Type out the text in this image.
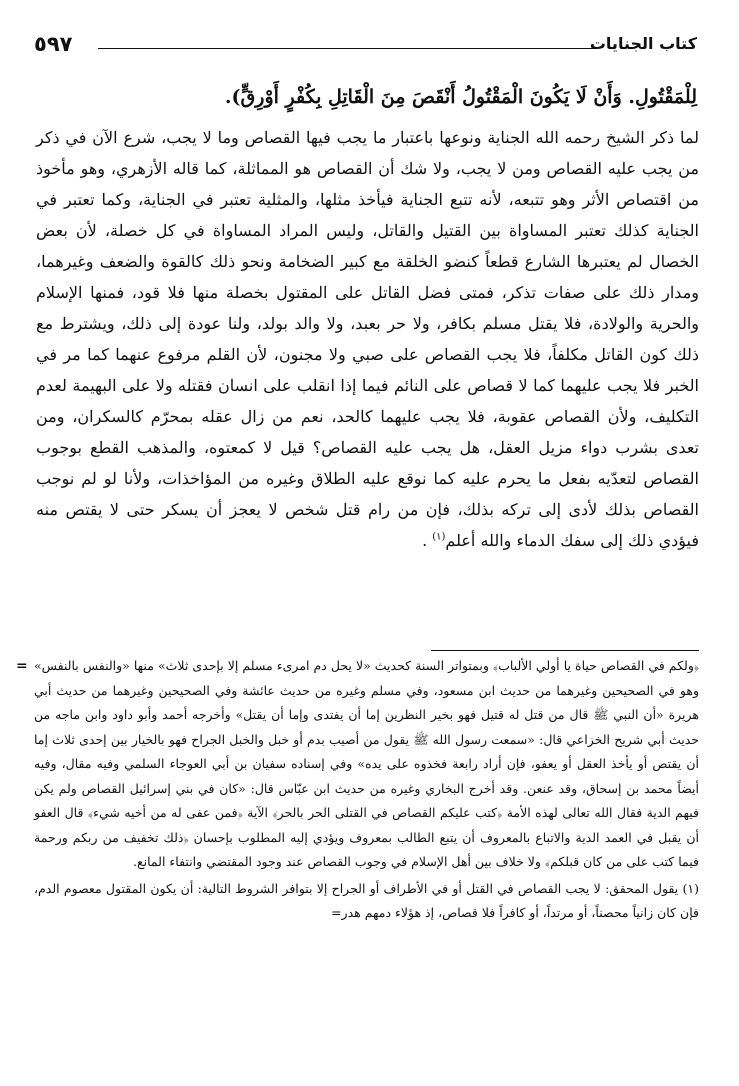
٥٩٧	كتاب الجنايات
لِلْمَقْتُولِ. وَأَنْ لَا يَكُونَ الْمَقْتُولُ أَنْقَصَ مِنَ الْقَاتِلِ بِكُفْرٍ أَوْرِقٍّ).
لما ذكر الشيخ رحمه الله الجناية ونوعها باعتبار ما يجب فيها القصاص وما لا يجب، شرع الآن في ذكر من يجب عليه القصاص ومن لا يجب، ولا شك أن القصاص هو المماثلة، كما قاله الأزهري، وهو مأخوذ من اقتصاص الأثر وهو تتبعه، لأنه تتبع الجناية فيأخذ مثلها، والمثلية تعتبر في الجناية، وكما تعتبر في الجناية كذلك تعتبر المساواة بين القتيل والقاتل، وليس المراد المساواة في كل خصلة، لأن بعض الخصال لم يعتبرها الشارع قطعاً كنضو الخلقة مع كبير الضخامة ونحو ذلك كالقوة والضعف وغيرهما، ومدار ذلك على صفات تذكر، فمتى فضل القاتل على المقتول بخصلة منها فلا قود، فمنها الإسلام والحرية والولادة، فلا يقتل مسلم بكافر، ولا حر بعبد، ولا والد بولد، ولنا عودة إلى ذلك، ويشترط مع ذلك كون القاتل مكلفاً، فلا يجب القصاص على صبي ولا مجنون، لأن القلم مرفوع عنهما كما مر في الخبر فلا يجب عليهما كما لا قصاص على النائم فيما إذا انقلب على انسان فقتله ولا على البهيمة لعدم التكليف، ولأن القصاص عقوبة، فلا يجب عليهما كالحد، نعم من زال عقله بمحرّم كالسكران، ومن تعدى بشرب دواء مزيل العقل، هل يجب عليه القصاص؟ قيل لا كمعتوه، والمذهب القطع بوجوب القصاص لتعدّيه بفعل ما يحرم عليه كما نوقع عليه الطلاق وغيره من المؤاخذات، ولأنا لو لم نوجب القصاص بذلك لأدى إلى تركه بذلك، فإن من رام قتل شخص لا يعجز أن يسكر حتى لا يقتص منه فيؤدي ذلك إلى سفك الدماء والله أعلم$^{(١)}$ .

= ﴿ولكم في القصاص حياة يا أولي الألباب﴾ وبمتواتر السنة كحديث «لا يحل دم امرىء مسلم إلا بإحدى ثلاث» منها «والنفس بالنفس» وهو في الصحيحين وغيرهما من حديث ابن مسعود، وفي مسلم وغيره من حديث عائشة وفي الصحيحين وغيرهما من حديث أبي هريرة «أن النبي ﷺ قال من قتل له قتيل فهو بخير النظرين إما أن يفتدى وإما أن يقتل» وأخرجه أحمد وأبو داود وابن ماجه من حديث أبي شريح الخزاعي قال: «سمعت رسول الله ﷺ يقول من أصيب بدم أو خبل والخبل الجراح فهو بالخيار بين إحدى ثلاث إما أن يقتص أو يأخذ العقل أو يعفو، فإن أراد رابعة فخذوه على يده» وفي إسناده سفيان بن أبي العوجاء السلمي وفيه مقال، وفيه أيضاً محمد بن إسحاق، وقد عنعن. وقد أخرج البخاري وغيره من حديث ابن عبّاس قال: «كان في بني إسرائيل القصاص ولم يكن فيهم الدية فقال الله تعالى لهذه الأمة ﴿كتب عليكم القصاص في القتلى الحر بالحر﴾ الآية ﴿فمن عفى له من أخيه شيء﴾ قال العفو أن يقبل في العمد الدية والاتباع بالمعروف أن يتبع الطالب بمعروف ويؤدي إليه المطلوب بإحسان ﴿ذلك تخفيف من ربكم ورحمة فيما كتب على من كان قبلكم﴾ ولا خلاف بين أهل الإسلام في وجوب القصاص عند وجود المقتضي وانتفاء المانع.

(١) يقول المحقق: لا يجب القصاص في القتل أو في الأطراف أو الجراح إلا بتوافر الشروط التالية: أن يكون المقتول معصوم الدم، فإن كان زانياً محصناً، أو مرتداً، أو كافراً فلا قصاص، إذ هؤلاء دمهم هدر=
